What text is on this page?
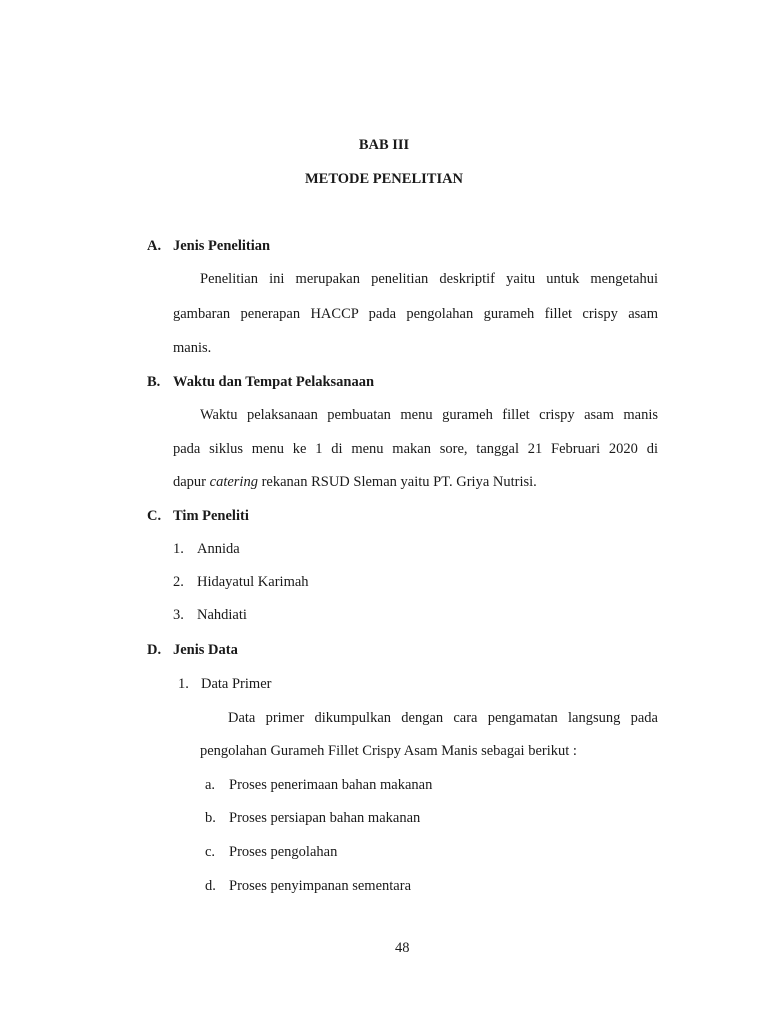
BAB III
METODE PENELITIAN
A. Jenis Penelitian
Penelitian ini merupakan penelitian deskriptif yaitu untuk mengetahui
gambaran penerapan HACCP pada pengolahan gurameh fillet crispy asam
manis.
B. Waktu dan Tempat Pelaksanaan
Waktu pelaksanaan pembuatan menu gurameh fillet crispy asam manis
pada siklus menu ke 1 di menu makan sore, tanggal 21 Februari 2020 di
dapur catering rekanan RSUD Sleman yaitu PT. Griya Nutrisi.
C. Tim Peneliti
1. Annida
2. Hidayatul Karimah
3. Nahdiati
D. Jenis Data
1. Data Primer
Data primer dikumpulkan dengan cara pengamatan langsung pada
pengolahan Gurameh Fillet Crispy Asam Manis sebagai berikut :
a. Proses penerimaan bahan makanan
b. Proses persiapan bahan makanan
c. Proses pengolahan
d. Proses penyimpanan sementara
48
